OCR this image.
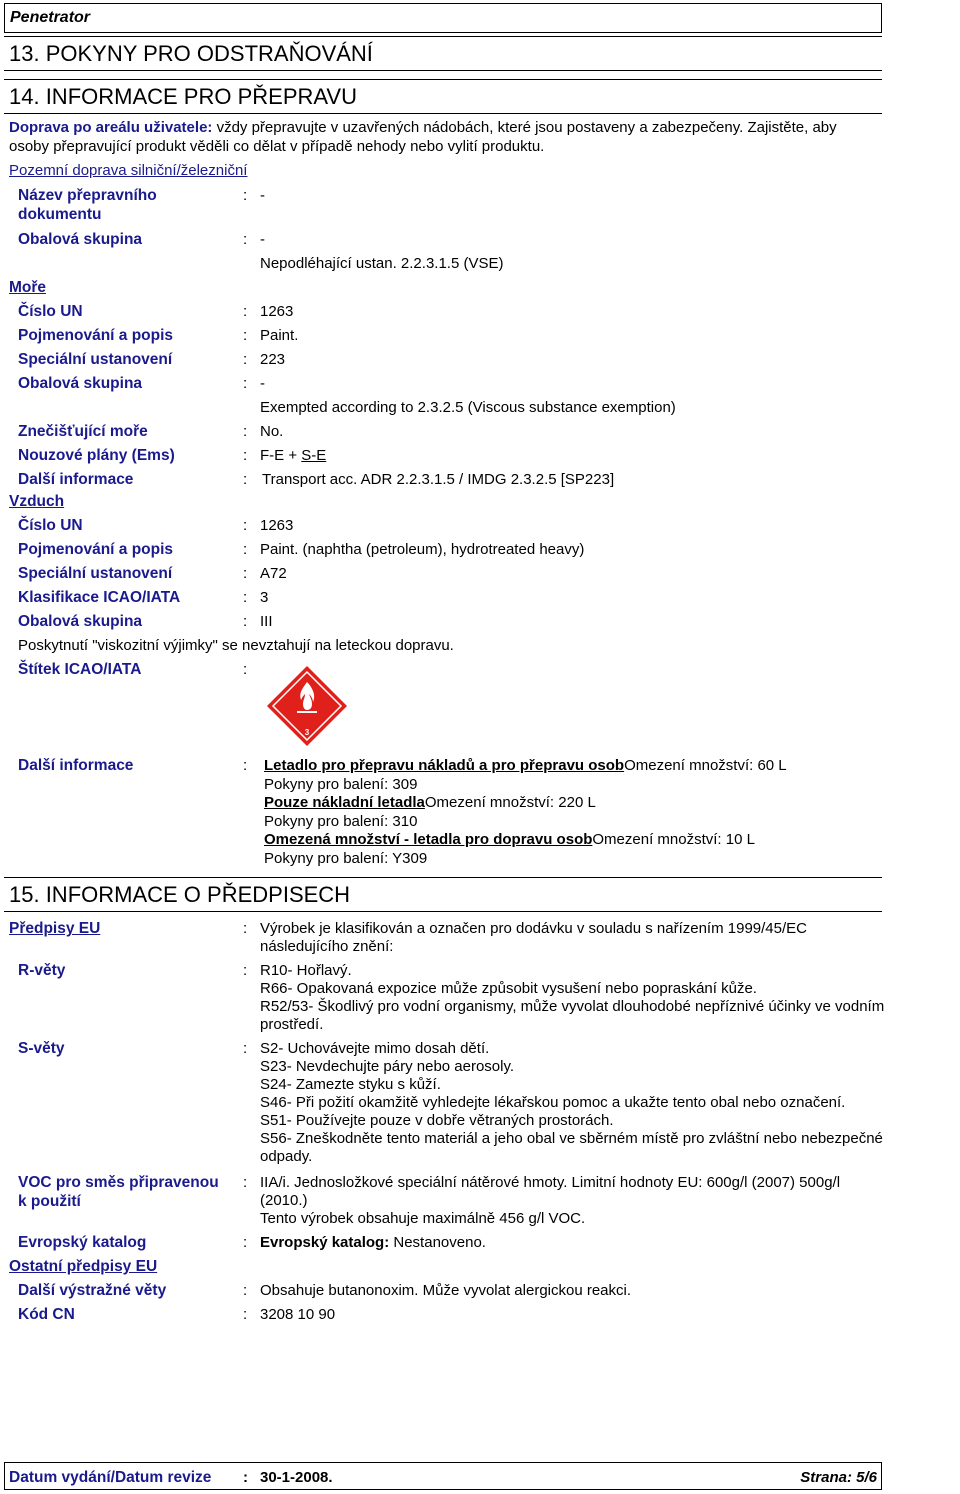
Penetrator
13. POKYNY PRO ODSTRAŇOVÁNÍ
14. INFORMACE PRO PŘEPRAVU
Doprava po areálu uživatele: vždy přepravujte v uzavřených nádobách, které jsou postaveny a zabezpečeny. Zajistěte, aby
osoby přepravující produkt věděli co dělat v případě nehody nebo vylití produktu.
Pozemní doprava silniční/železniční
Název přepravního
dokumentu
: -
Obalová skupina	: -
Nepodléhající ustan. 2.2.3.1.5 (VSE)
Moře
Číslo UN	: 1263
Pojmenování a popis	: Paint.
Speciální ustanovení	: 223
Obalová skupina	: -
Exempted according to 2.3.2.5 (Viscous substance exemption)
Znečišťující moře	: No.
Nouzové plány (Ems)	: F-E + S-E
Další informace	: Transport acc. ADR 2.2.3.1.5 / IMDG 2.3.2.5 [SP223]
Vzduch
Číslo UN	: 1263
Pojmenování a popis	: Paint. (naphtha (petroleum), hydrotreated heavy)
Speciální ustanovení	: A72
Klasifikace ICAO/IATA	: 3
Obalová skupina	: III
Poskytnutí "viskozitní výjimky" se nevztahují na leteckou dopravu.
Štítek ICAO/IATA	:
3
Další informace	: Letadlo pro přepravu nákladů a pro přepravu osobOmezení množství: 60 L
Pokyny pro balení: 309
Pouze nákladní letadlaOmezení množství: 220 L
Pokyny pro balení: 310
Omezená množství - letadla pro dopravu osobOmezení množství: 10 L
Pokyny pro balení: Y309
15. INFORMACE O PŘEDPISECH
Předpisy EU	: Výrobek je klasifikován a označen pro dodávku v souladu s nařízením 1999/45/EC
následujícího znění:
R-věty	: R10- Hořlavý.
R66- Opakovaná expozice může způsobit vysušení nebo popraskání kůže.
R52/53- Škodlivý pro vodní organismy, může vyvolat dlouhodobé nepříznivé účinky ve vodním
prostředí.
S-věty	: S2- Uchovávejte mimo dosah dětí.
S23- Nevdechujte páry nebo aerosoly.
S24- Zamezte styku s kůží.
S46- Při požití okamžitě vyhledejte lékařskou pomoc a ukažte tento obal nebo označení.
S51- Používejte pouze v dobře větraných prostorách.
S56- Zneškodněte tento materiál a jeho obal ve sběrném místě pro zvláštní nebo nebezpečné
odpady.
VOC pro směs připravenou
k použití
: IIA/i. Jednosložkové speciální nátěrové hmoty. Limitní hodnoty EU: 600g/l (2007) 500g/l
(2010.)
Tento výrobek obsahuje maximálně 456 g/l VOC.
Evropský katalog	: Evropský katalog: Nestanoveno.
Ostatní předpisy EU
Další výstražné věty	: Obsahuje butanonoxim. Může vyvolat alergickou reakci.
Kód CN	: 3208 10 90
Datum vydání/Datum revize : 30-1-2008.	Strana: 5/6
